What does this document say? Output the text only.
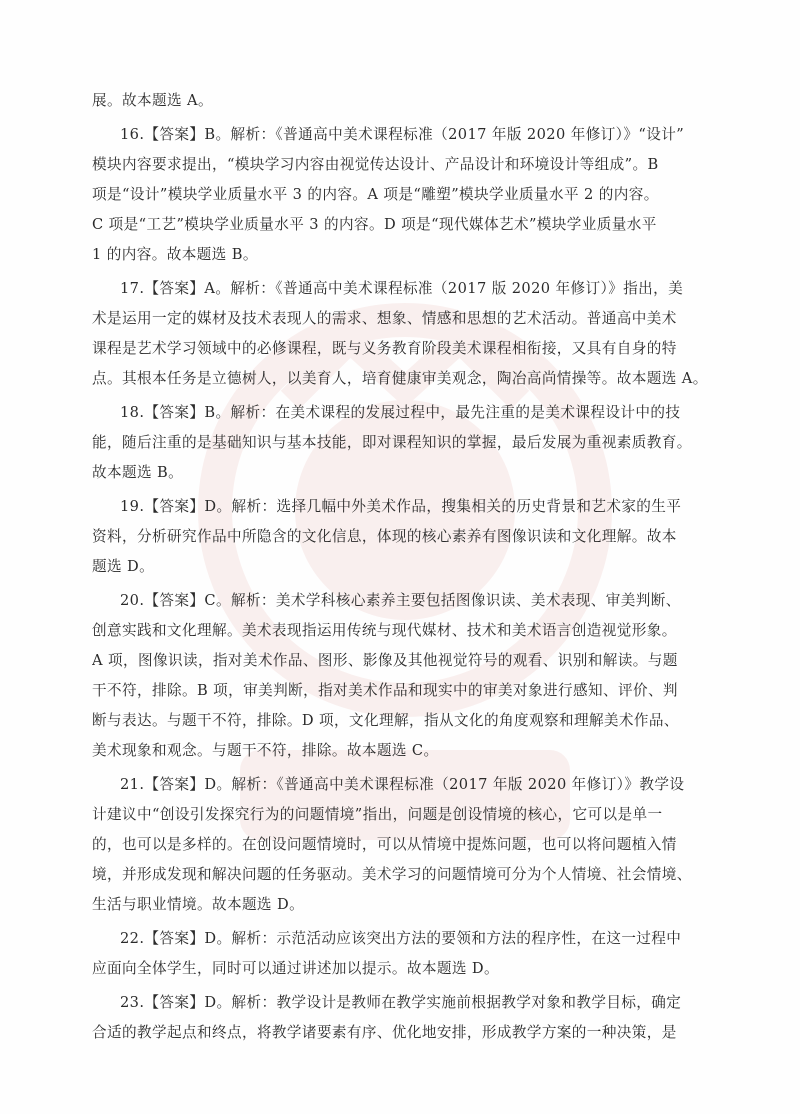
展。故本题选 A。
16.【答案】B。解析：《普通高中美术课程标准（2017 年版 2020 年修订）》“设计”
模块内容要求提出，“模块学习内容由视觉传达设计、产品设计和环境设计等组成”。B
项是“设计”模块学业质量水平 3 的内容。A 项是“雕塑”模块学业质量水平 2 的内容。
C 项是“工艺”模块学业质量水平 3 的内容。D 项是“现代媒体艺术”模块学业质量水平
1 的内容。故本题选 B。
17.【答案】A。解析：《普通高中美术课程标准（2017 版 2020 年修订）》指出，美
术是运用一定的媒材及技术表现人的需求、想象、情感和思想的艺术活动。普通高中美术
课程是艺术学习领域中的必修课程，既与义务教育阶段美术课程相衔接，又具有自身的特
点。其根本任务是立德树人，以美育人，培育健康审美观念，陶冶高尚情操等。故本题选 A。
18.【答案】B。解析：在美术课程的发展过程中，最先注重的是美术课程设计中的技
能，随后注重的是基础知识与基本技能，即对课程知识的掌握，最后发展为重视素质教育。
故本题选 B。
19.【答案】D。解析：选择几幅中外美术作品，搜集相关的历史背景和艺术家的生平
资料，分析研究作品中所隐含的文化信息，体现的核心素养有图像识读和文化理解。故本
题选 D。
20.【答案】C。解析：美术学科核心素养主要包括图像识读、美术表现、审美判断、
创意实践和文化理解。美术表现指运用传统与现代媒材、技术和美术语言创造视觉形象。
A 项，图像识读，指对美术作品、图形、影像及其他视觉符号的观看、识别和解读。与题
干不符，排除。B 项，审美判断，指对美术作品和现实中的审美对象进行感知、评价、判
断与表达。与题干不符，排除。D 项，文化理解，指从文化的角度观察和理解美术作品、
美术现象和观念。与题干不符，排除。故本题选 C。
21.【答案】D。解析：《普通高中美术课程标准（2017 年版 2020 年修订）》教学设
计建议中“创设引发探究行为的问题情境”指出，问题是创设情境的核心，它可以是单一
的，也可以是多样的。在创设问题情境时，可以从情境中提炼问题，也可以将问题植入情
境，并形成发现和解决问题的任务驱动。美术学习的问题情境可分为个人情境、社会情境、
生活与职业情境。故本题选 D。
22.【答案】D。解析：示范活动应该突出方法的要领和方法的程序性，在这一过程中
应面向全体学生，同时可以通过讲述加以提示。故本题选 D。
23.【答案】D。解析：教学设计是教师在教学实施前根据教学对象和教学目标，确定
合适的教学起点和终点，将教学诸要素有序、优化地安排，形成教学方案的一种决策，是
